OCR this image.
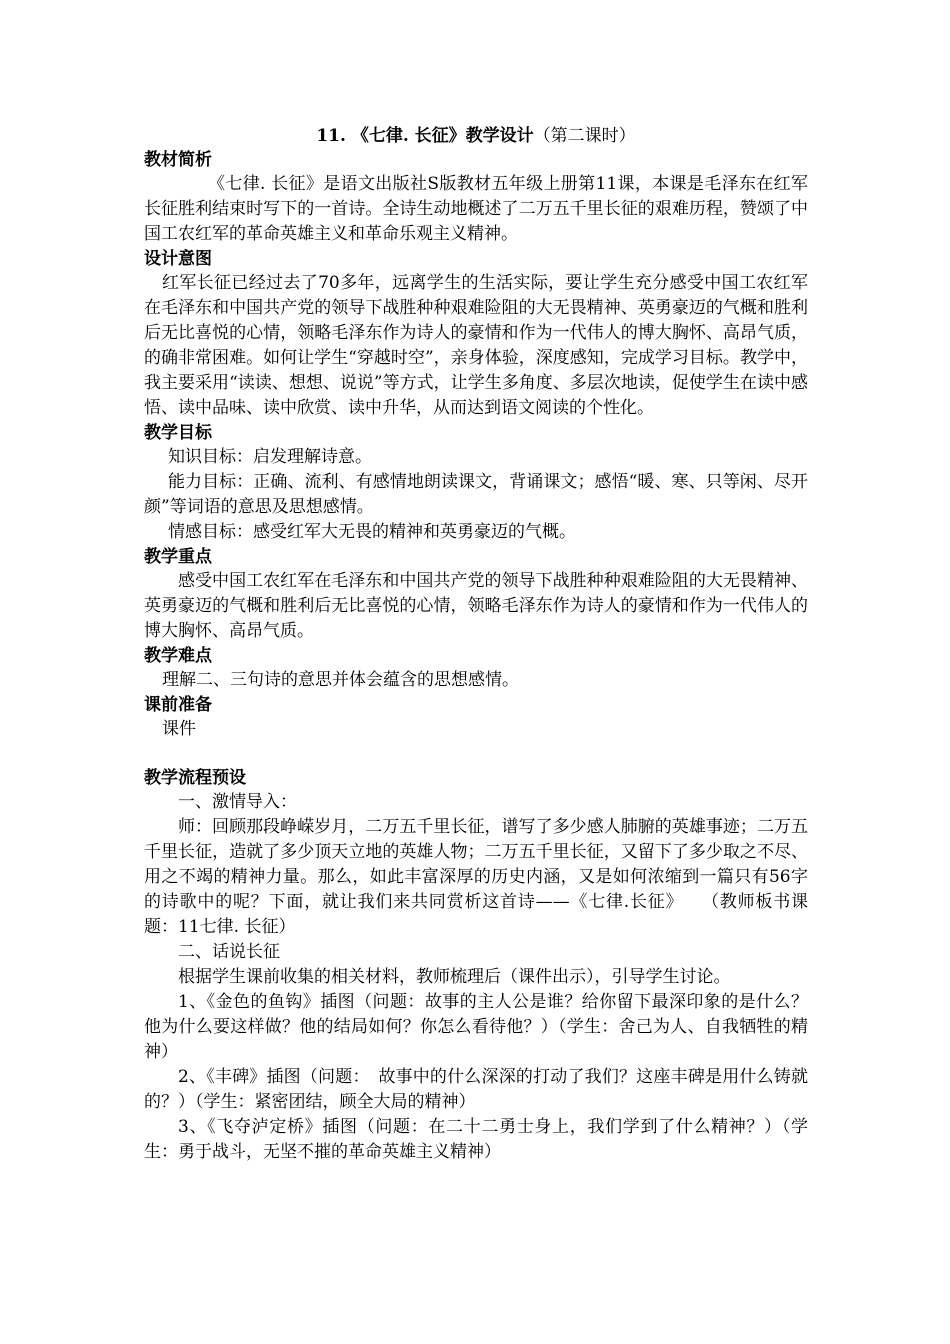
11. 《七律. 长征》教学设计（第二课时）
教材简析
《七律. 长征》是语文出版社S版教材五年级上册第11课，本课是毛泽东在红军长征胜利结束时写下的一首诗。全诗生动地概述了二万五千里长征的艰难历程，赞颂了中国工农红军的革命英雄主义和革命乐观主义精神。
设计意图
红军长征已经过去了70多年，远离学生的生活实际，要让学生充分感受中国工农红军在毛泽东和中国共产党的领导下战胜种种艰难险阻的大无畏精神、英勇豪迈的气概和胜利后无比喜悦的心情，领略毛泽东作为诗人的豪情和作为一代伟人的博大胸怀、高昂气质，的确非常困难。如何让学生“穿越时空”，亲身体验，深度感知，完成学习目标。教学中，我主要采用“读读、想想、说说”等方式，让学生多角度、多层次地读，促使学生在读中感悟、读中品味、读中欣赏、读中升华，从而达到语文阅读的个性化。
教学目标
知识目标：启发理解诗意。
能力目标：正确、流利、有感情地朗读课文，背诵课文；感悟“暖、寒、只等闲、尽开颜”等词语的意思及思想感情。
情感目标：感受红军大无畏的精神和英勇豪迈的气概。
教学重点
感受中国工农红军在毛泽东和中国共产党的领导下战胜种种艰难险阻的大无畏精神、英勇豪迈的气概和胜利后无比喜悦的心情，领略毛泽东作为诗人的豪情和作为一代伟人的博大胸怀、高昂气质。
教学难点
理解二、三句诗的意思并体会蕴含的思想感情。
课前准备
课件
教学流程预设
一、激情导入：
师：回顾那段峥嵘岁月，二万五千里长征，谱写了多少感人肺腑的英雄事迹；二万五千里长征，造就了多少顶天立地的英雄人物；二万五千里长征，又留下了多少取之不尽、用之不竭的精神力量。那么，如此丰富深厚的历史内涵，又是如何浓缩到一篇只有56字的诗歌中的呢？下面，就让我们来共同赏析这首诗——《七律.长征》　　（教师板书课题：11七律. 长征）
二、话说长征
根据学生课前收集的相关材料，教师梳理后（课件出示），引导学生讨论。
1、《金色的鱼钩》插图（问题：故事的主人公是谁？给你留下最深印象的是什么？他为什么要这样做？他的结局如何？你怎么看待他？）（学生：舍己为人、自我牺牲的精神）
2、《丰碑》插图（问题：　故事中的什么深深的打动了我们？这座丰碑是用什么铸就的？）（学生：紧密团结，顾全大局的精神）
3、《飞夺泸定桥》插图（问题：在二十二勇士身上，我们学到了什么精神？）（学生：勇于战斗，无坚不摧的革命英雄主义精神）
